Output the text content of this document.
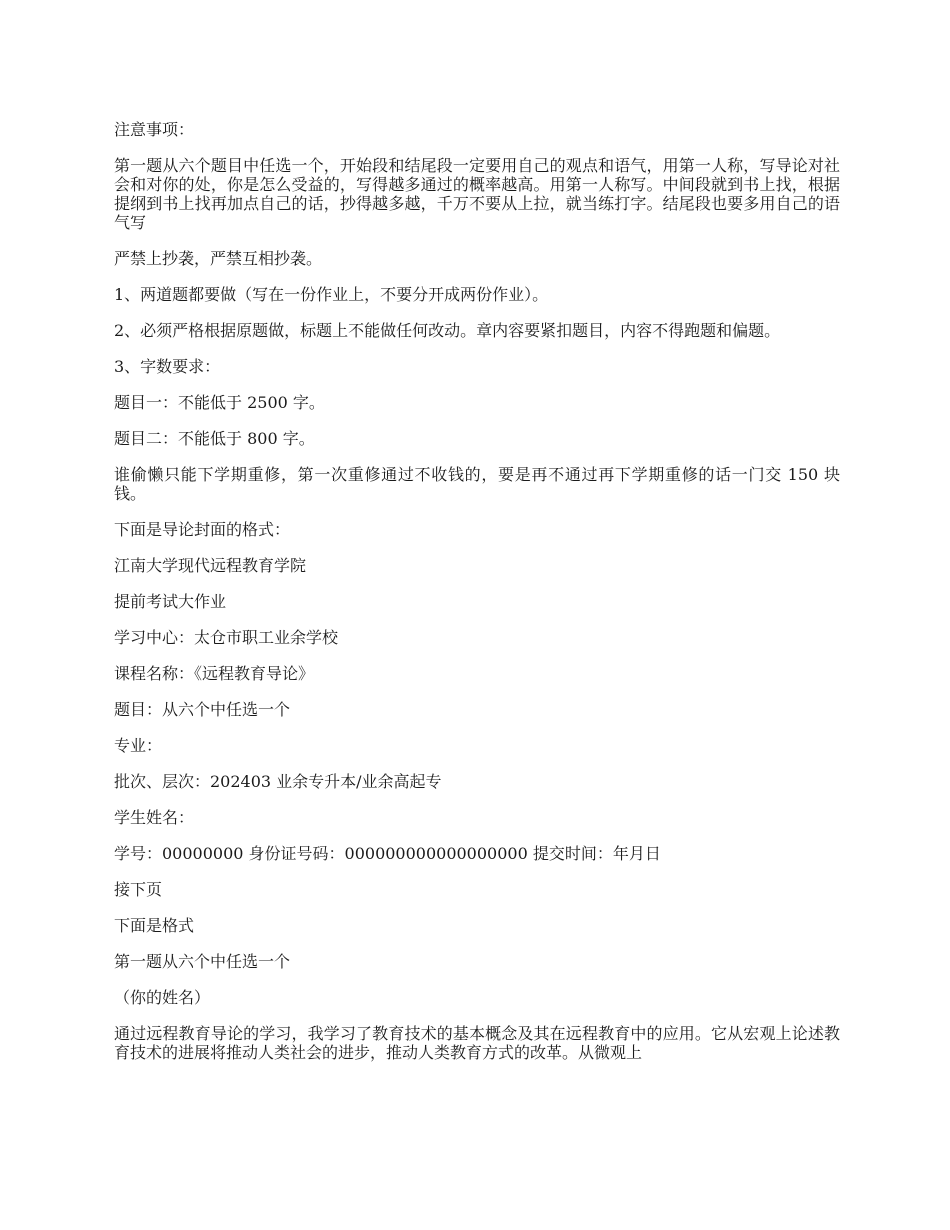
注意事项：

第一题从六个题目中任选一个，开始段和结尾段一定要用自己的观点和语气，用第一人称，写导论对社会和对你的处，你是怎么受益的，写得越多通过的概率越高。用第一人称写。中间段就到书上找，根据提纲到书上找再加点自己的话，抄得越多越，千万不要从上拉，就当练打字。结尾段也要多用自己的语气写

严禁上抄袭，严禁互相抄袭。

1、两道题都要做（写在一份作业上，不要分开成两份作业）。

2、必须严格根据原题做，标题上不能做任何改动。章内容要紧扣题目，内容不得跑题和偏题。

3、字数要求：

题目一：不能低于 2500 字。

题目二：不能低于 800 字。

谁偷懒只能下学期重修，第一次重修通过不收钱的，要是再不通过再下学期重修的话一门交 150 块钱。

下面是导论封面的格式：

江南大学现代远程教育学院

提前考试大作业

学习中心：太仓市职工业余学校

课程名称：《远程教育导论》

题目：从六个中任选一个

专业：

批次、层次：202403 业余专升本/业余高起专

学生姓名：

学号：00000000 身份证号码：000000000000000000 提交时间：年月日

接下页

下面是格式

第一题从六个中任选一个

（你的姓名）

通过远程教育导论的学习，我学习了教育技术的基本概念及其在远程教育中的应用。它从宏观上论述教育技术的进展将推动人类社会的进步，推动人类教育方式的改革。从微观上
